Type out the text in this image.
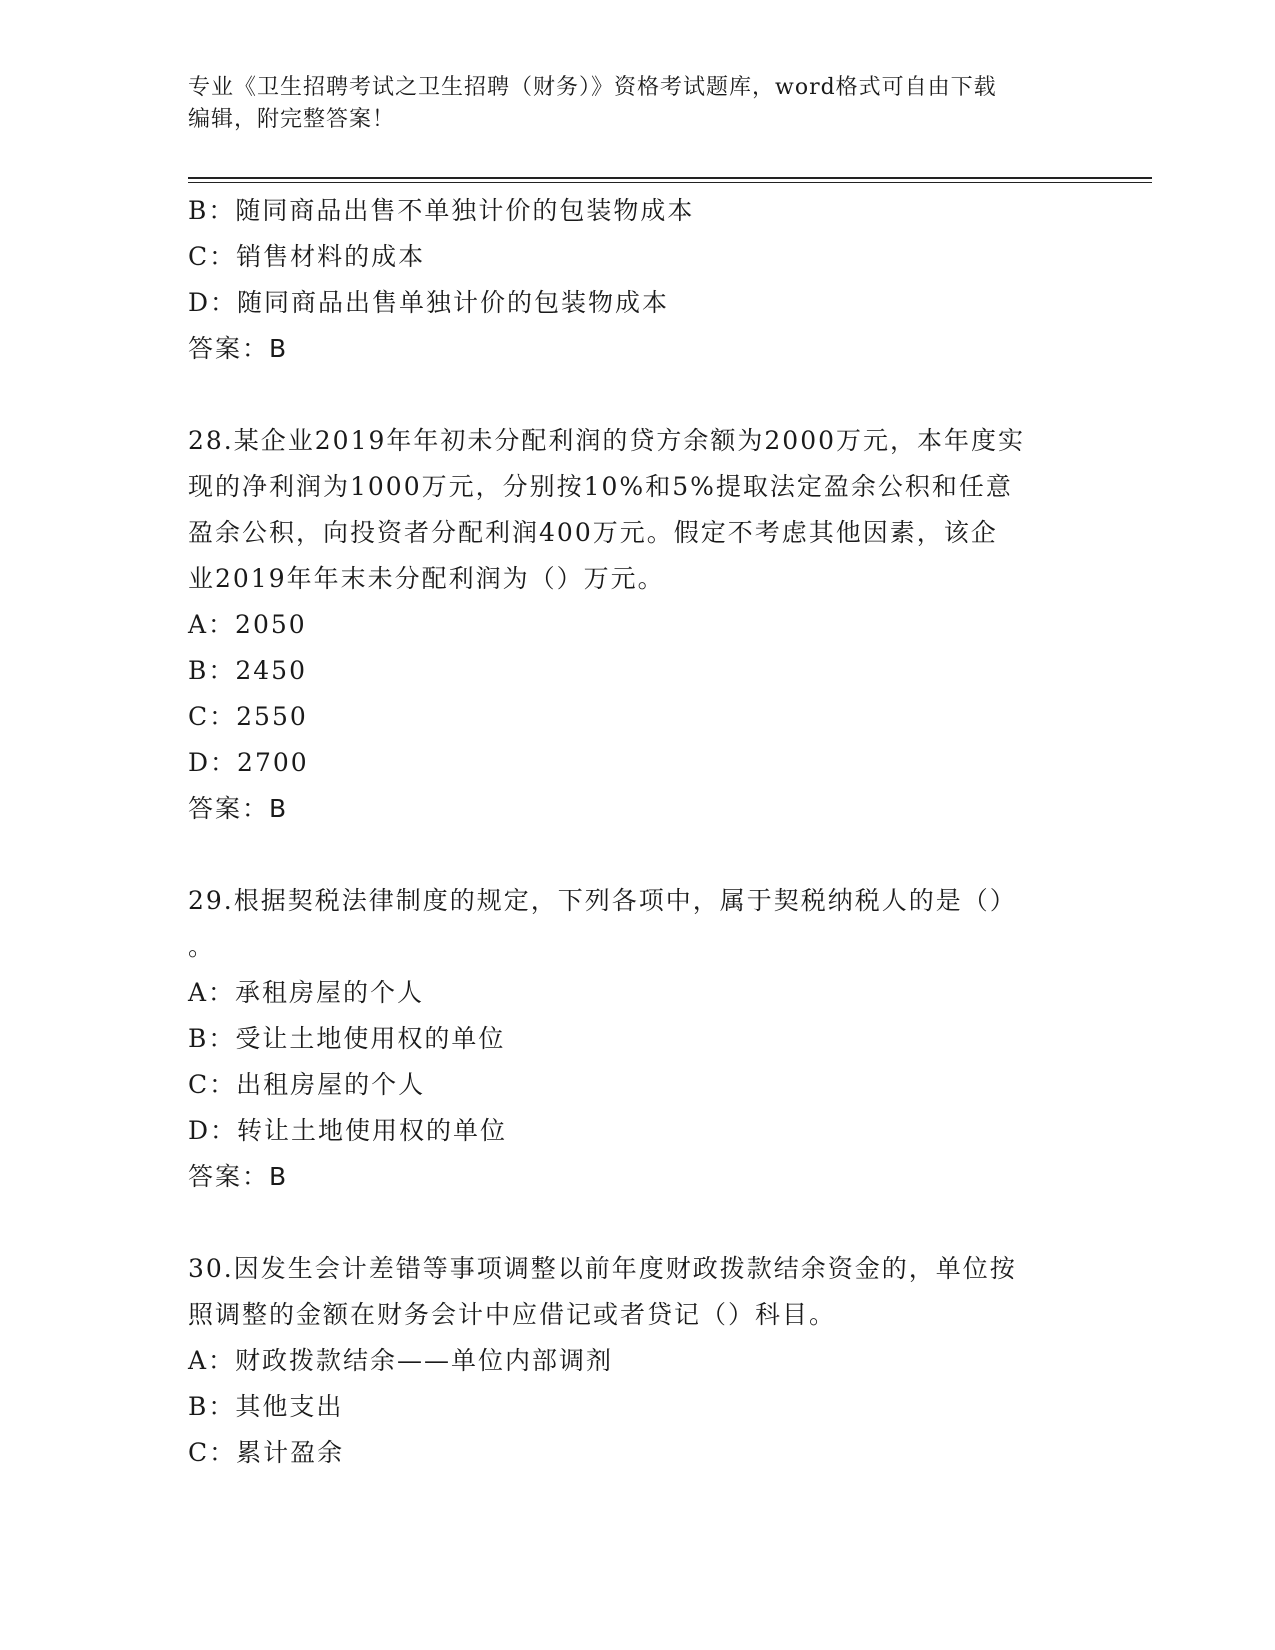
专业《卫生招聘考试之卫生招聘（财务）》资格考试题库，word格式可自由下载
编辑，附完整答案！
B：随同商品出售不单独计价的包装物成本
C：销售材料的成本
D：随同商品出售单独计价的包装物成本
答案：B
28.某企业2019年年初未分配利润的贷方余额为2000万元，本年度实
现的净利润为1000万元，分别按10%和5%提取法定盈余公积和任意
盈余公积，向投资者分配利润400万元。假定不考虑其他因素，该企
业2019年年末未分配利润为（）万元。
A：2050
B：2450
C：2550
D：2700
答案：B
29.根据契税法律制度的规定，下列各项中，属于契税纳税人的是（）
。
A：承租房屋的个人
B：受让土地使用权的单位
C：出租房屋的个人
D：转让土地使用权的单位
答案：B
30.因发生会计差错等事项调整以前年度财政拨款结余资金的，单位按
照调整的金额在财务会计中应借记或者贷记（）科目。
A：财政拨款结余——单位内部调剂
B：其他支出
C：累计盈余
